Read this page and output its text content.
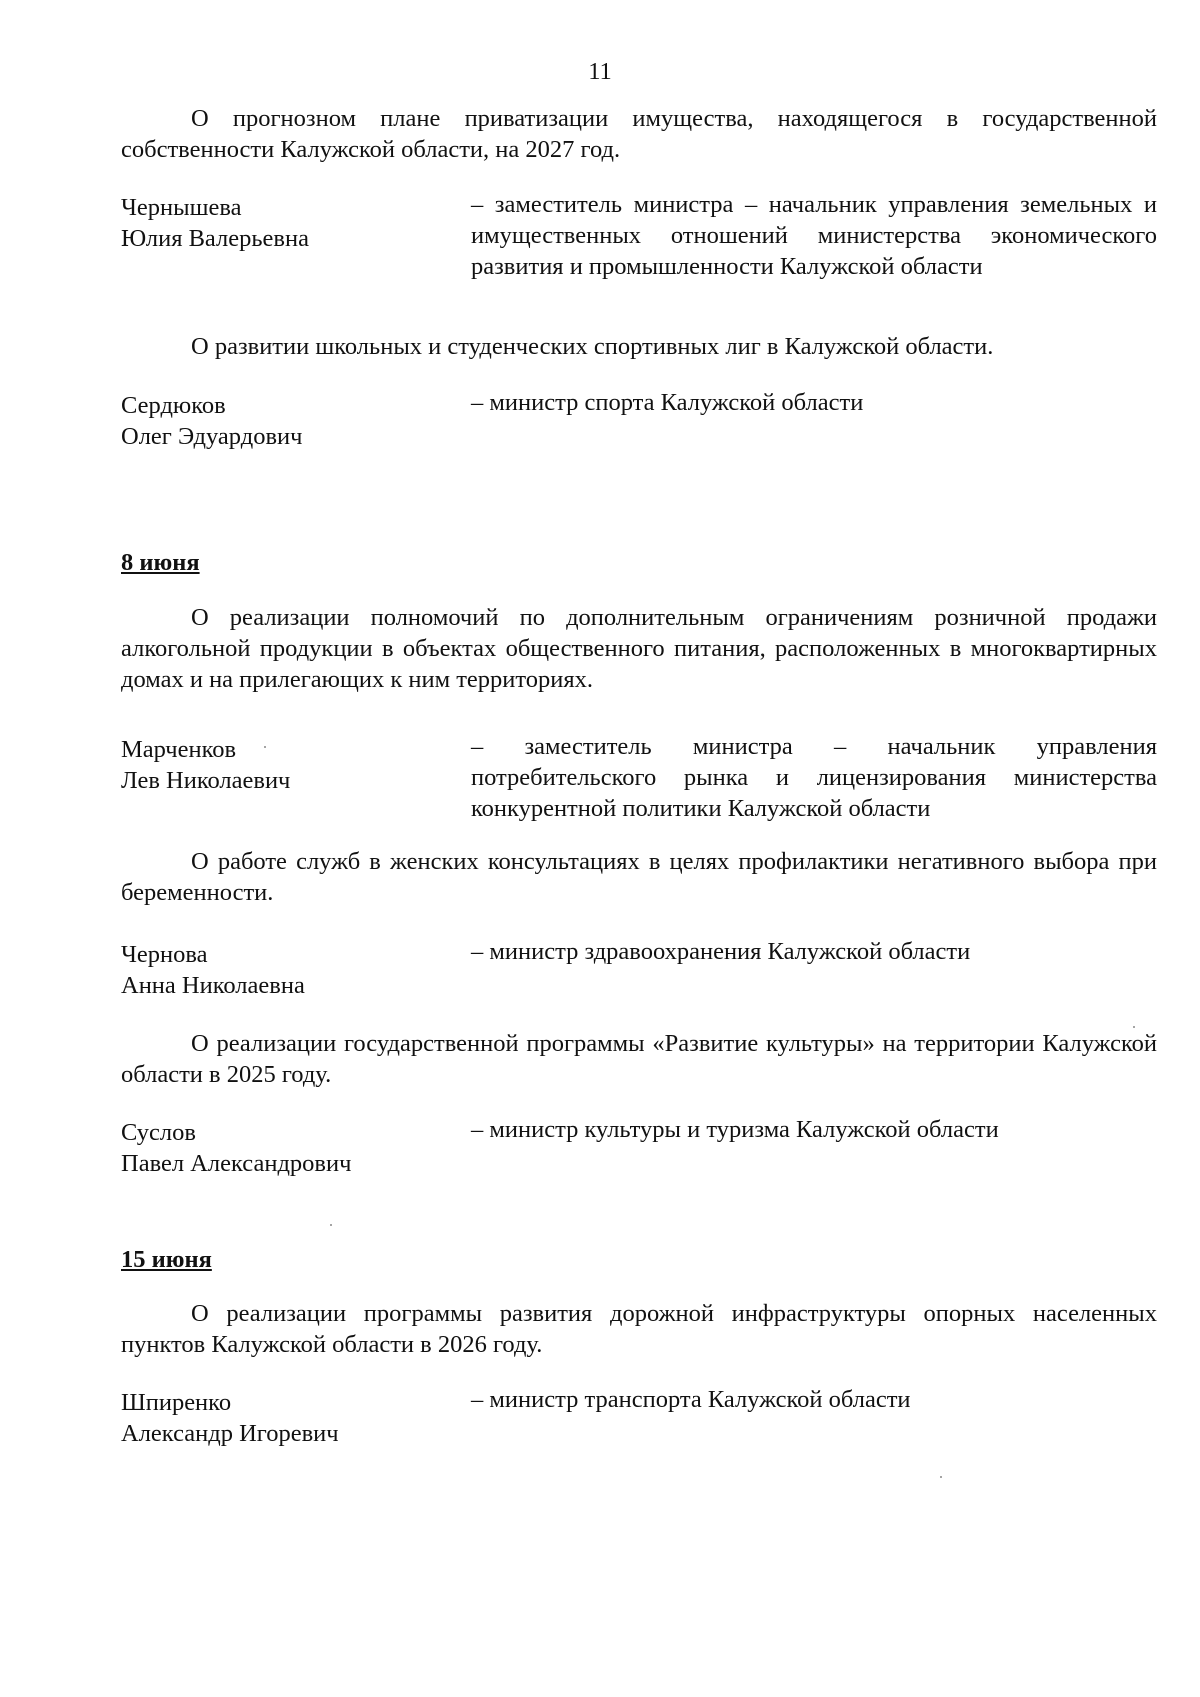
11
О прогнозном плане приватизации имущества, находящегося в государственной собственности Калужской области, на 2027 год.
Чернышева
Юлия Валерьевна
– заместитель министра – начальник управления земельных и имущественных отношений министерства экономического развития и промышленности Калужской области
О развитии школьных и студенческих спортивных лиг в Калужской области.
Сердюков
Олег Эдуардович
– министр спорта Калужской области
8 июня
О реализации полномочий по дополнительным ограничениям розничной продажи алкогольной продукции в объектах общественного питания, расположенных в многоквартирных домах и на прилегающих к ним территориях.
Марченков
Лев Николаевич
– заместитель министра – начальник управления потребительского рынка и лицензирования министерства конкурентной политики Калужской области
О работе служб в женских консультациях в целях профилактики негативного выбора при беременности.
Чернова
Анна Николаевна
– министр здравоохранения Калужской области
О реализации государственной программы «Развитие культуры» на территории Калужской области в 2025 году.
Суслов
Павел Александрович
– министр культуры и туризма Калужской области
15 июня
О реализации программы развития дорожной инфраструктуры опорных населенных пунктов Калужской области в 2026 году.
Шпиренко
Александр Игоревич
– министр транспорта Калужской области
